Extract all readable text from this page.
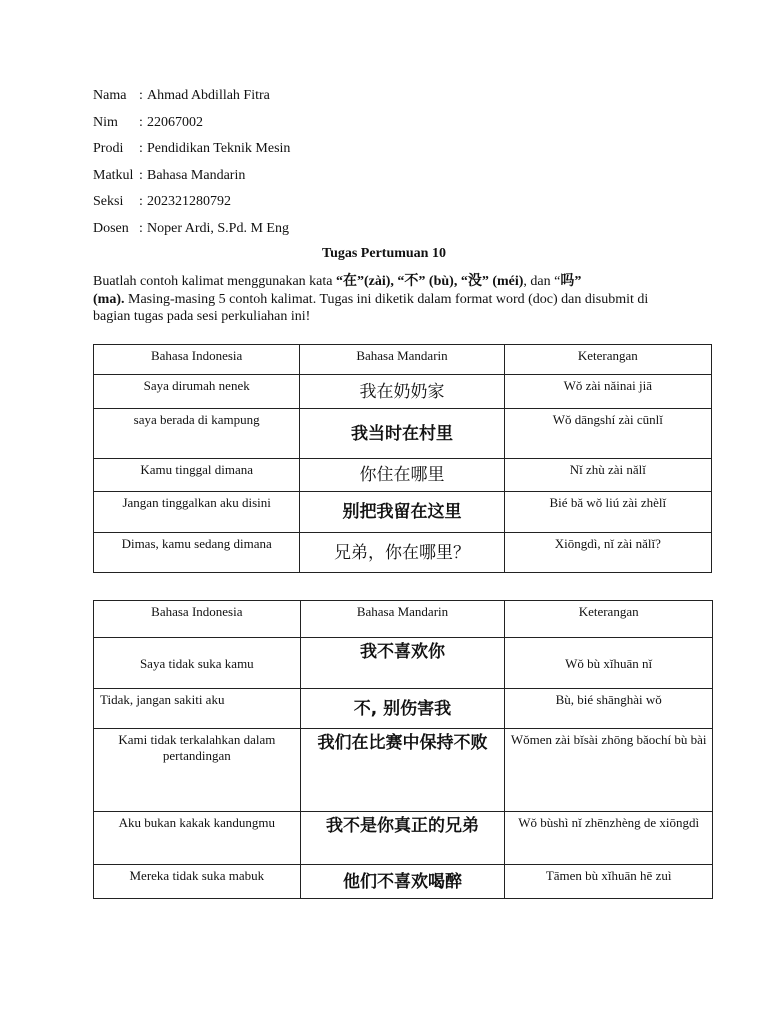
Nama : Ahmad Abdillah Fitra
Nim	: 22067002
Prodi	: Pendidikan Teknik Mesin
Matkul : Bahasa Mandarin
Seksi	: 202321280792
Dosen : Noper Ardi, S.Pd. M Eng
Tugas Pertumuan 10
Buatlah contoh kalimat menggunakan kata “在”(zài), “不” (bù), “没” (méi), dan “吗”
(ma). Masing-masing 5 contoh kalimat. Tugas ini diketik dalam format word (doc) dan disubmit di bagian tugas pada sesi perkuliahan ini!
Bahasa Indonesia	Bahasa Mandarin	Keterangan
Saya dirumah nenek	我在奶奶家	Wǒ zài nǎinai jiā
saya berada di kampung	我当时在村里	Wǒ dāngshí zài cūnlǐ
Kamu tinggal dimana	你住在哪里	Nǐ zhù zài nǎlǐ
Jangan tinggalkan aku disini	别把我留在这里	Bié bǎ wǒ liú zài zhèlǐ
Dimas, kamu sedang dimana	兄弟，你在哪里？	Xiōngdì, nǐ zài nǎlǐ?
Bahasa Indonesia	Bahasa Mandarin	Keterangan
Saya tidak suka kamu	我不喜欢你	Wǒ bù xǐhuān nǐ
Tidak, jangan sakiti aku	不, 别伤害我	Bù, bié shānghài wǒ
Kami tidak terkalahkan dalam pertandingan	我们在比赛中保持不败	Wǒmen zài bǐsài zhōng bǎochí bù bài
Aku bukan kakak kandungmu	我不是你真正的兄弟	Wǒ bùshì nǐ zhēnzhèng de xiōngdì
Mereka tidak suka mabuk	他们不喜欢喝醉	Tāmen bù xǐhuān hē zuì
